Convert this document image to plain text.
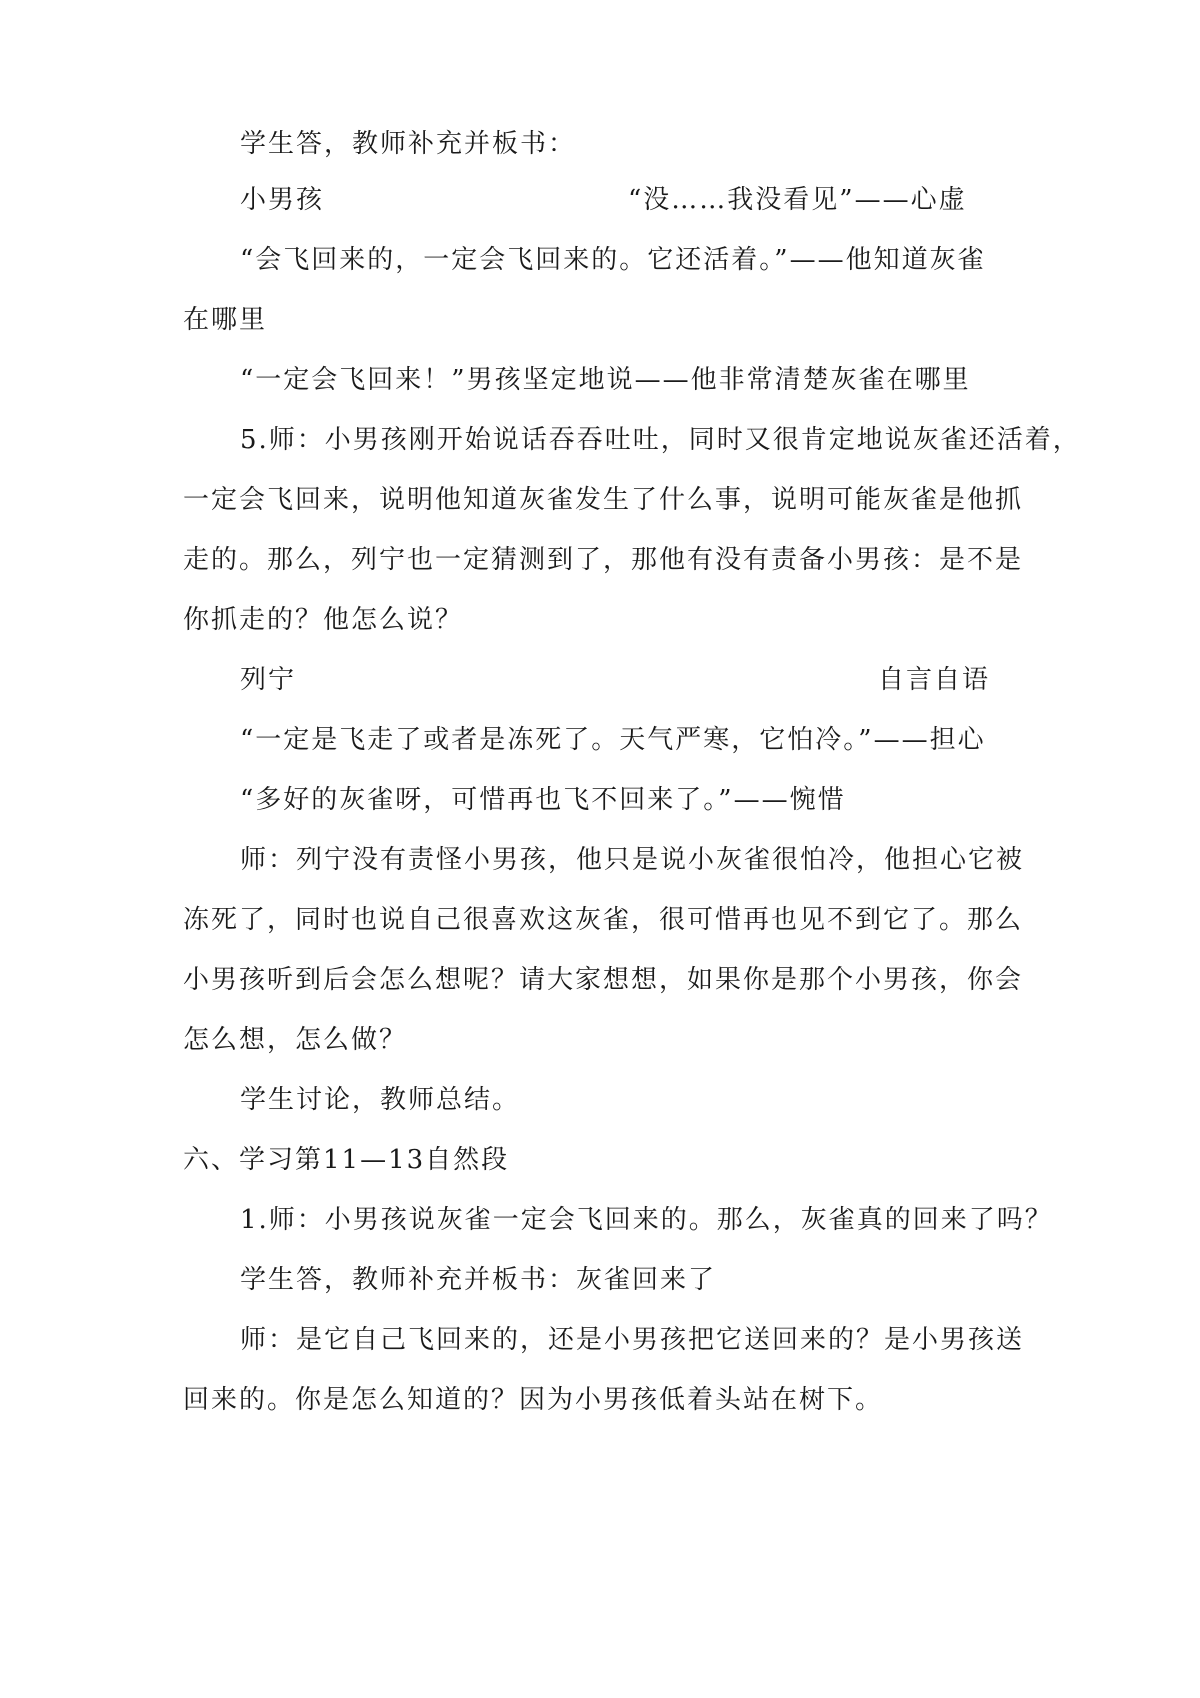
学生答，教师补充并板书：
小男孩	“没……我没看见”——心虚
“会飞回来的，一定会飞回来的。它还活着。”——他知道灰雀
在哪里
“一定会飞回来！”男孩坚定地说——他非常清楚灰雀在哪里
5.师：小男孩刚开始说话吞吞吐吐，同时又很肯定地说灰雀还活着，
一定会飞回来，说明他知道灰雀发生了什么事，说明可能灰雀是他抓
走的。那么，列宁也一定猜测到了，那他有没有责备小男孩：是不是
你抓走的？他怎么说？
列宁	自言自语
“一定是飞走了或者是冻死了。天气严寒，它怕冷。”——担心
“多好的灰雀呀，可惜再也飞不回来了。”——惋惜
师：列宁没有责怪小男孩，他只是说小灰雀很怕冷，他担心它被
冻死了，同时也说自己很喜欢这灰雀，很可惜再也见不到它了。那么
小男孩听到后会怎么想呢？请大家想想，如果你是那个小男孩，你会
怎么想，怎么做？
学生讨论，教师总结。
六、学习第11—13自然段
1.师：小男孩说灰雀一定会飞回来的。那么，灰雀真的回来了吗？
学生答，教师补充并板书：灰雀回来了
师：是它自己飞回来的，还是小男孩把它送回来的？是小男孩送
回来的。你是怎么知道的？因为小男孩低着头站在树下。
